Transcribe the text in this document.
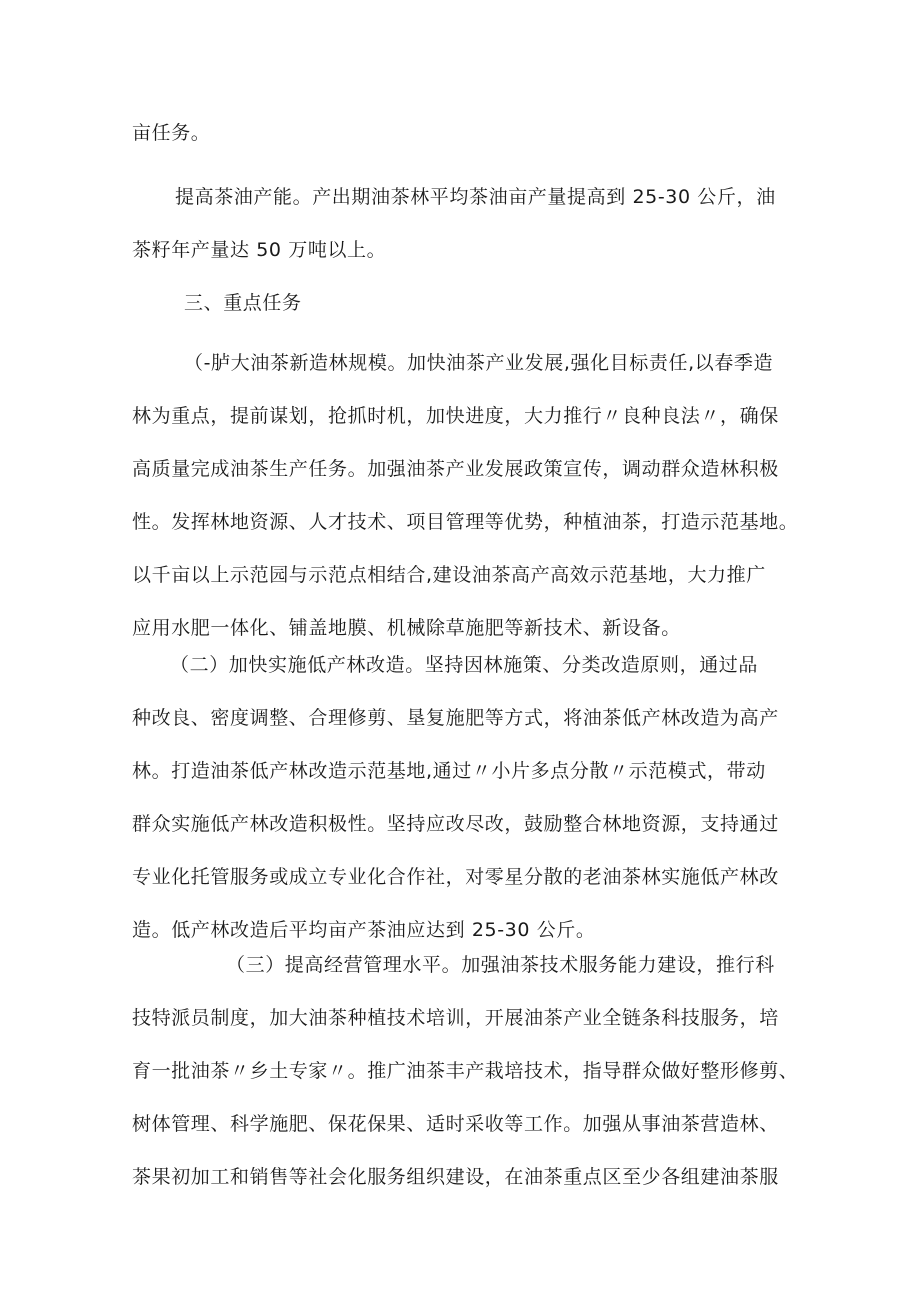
亩任务。
提高茶油产能。产出期油茶林平均茶油亩产量提高到 25-30 公斤，油
茶籽年产量达 50 万吨以上。
三、重点任务
（-胪大油茶新造林规模。加快油茶产业发展,强化目标责任,以春季造
林为重点，提前谋划，抢抓时机，加快进度，大力推行〃良种良法〃，确保
高质量完成油茶生产任务。加强油茶产业发展政策宣传，调动群众造林积极
性。发挥林地资源、人才技术、项目管理等优势，种植油茶，打造示范基地。
以千亩以上示范园与示范点相结合,建设油茶高产高效示范基地，大力推广
应用水肥一体化、铺盖地膜、机械除草施肥等新技术、新设备。
（二）加快实施低产林改造。坚持因林施策、分类改造原则，通过品
种改良、密度调整、合理修剪、垦复施肥等方式，将油茶低产林改造为高产
林。打造油茶低产林改造示范基地,通过〃小片多点分散〃示范模式，带动
群众实施低产林改造积极性。坚持应改尽改，鼓励整合林地资源，支持通过
专业化托管服务或成立专业化合作社，对零星分散的老油茶林实施低产林改
造。低产林改造后平均亩产茶油应达到 25-30 公斤。
（三）提高经营管理水平。加强油茶技术服务能力建设，推行科
技特派员制度，加大油茶种植技术培训，开展油茶产业全链条科技服务，培
育一批油茶〃乡土专家〃。推广油茶丰产栽培技术，指导群众做好整形修剪、
树体管理、科学施肥、保花保果、适时采收等工作。加强从事油茶营造林、
茶果初加工和销售等社会化服务组织建设，在油茶重点区至少各组建油茶服
